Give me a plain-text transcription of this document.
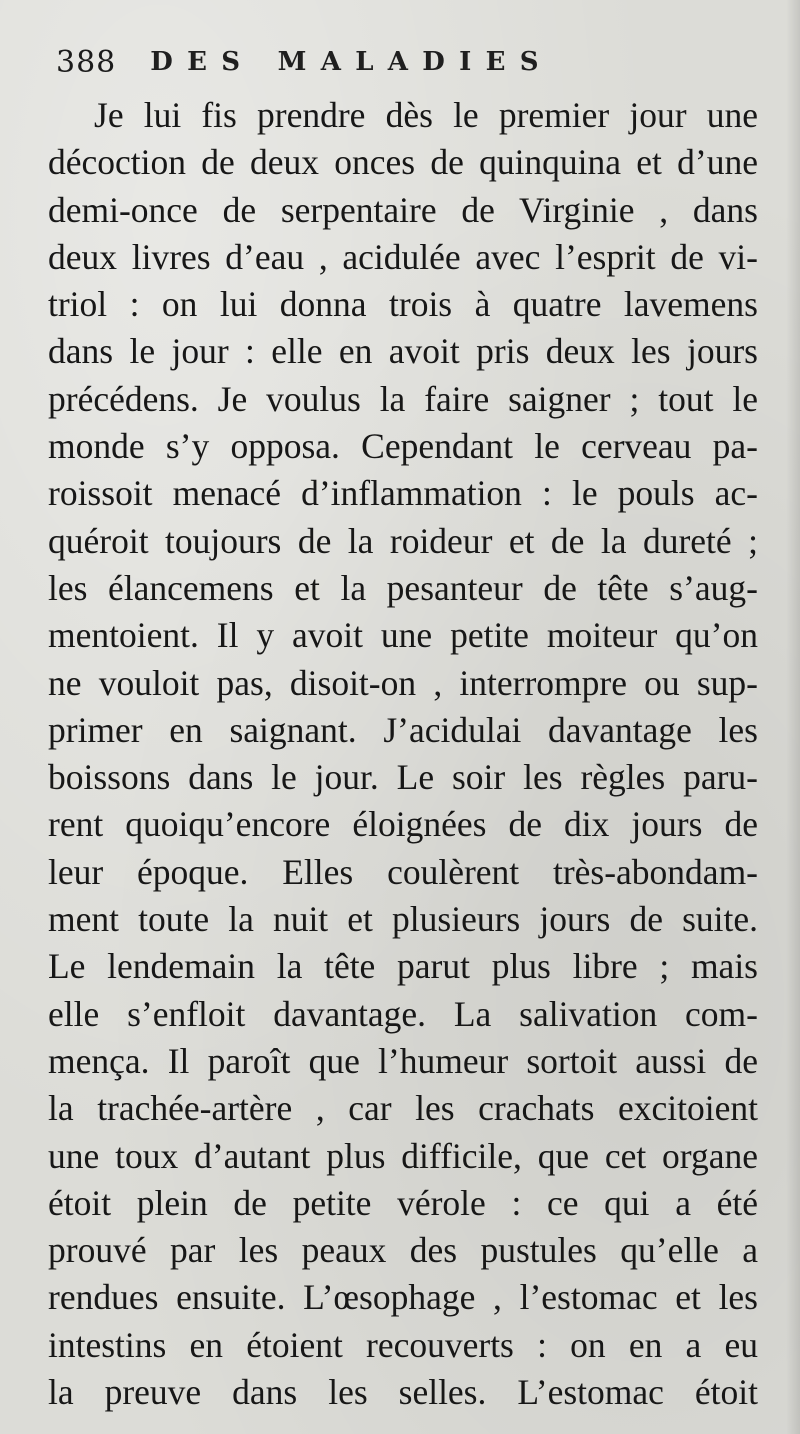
388 DES MALADIES
Je lui fis prendre dès le premier jour une
décoction de deux onces de quinquina et d’une
demi-once de serpentaire de Virginie , dans
deux livres d’eau , acidulée avec l’esprit de vi-
triol : on lui donna trois à quatre lavemens
dans le jour : elle en avoit pris deux les jours
précédens. Je voulus la faire saigner ; tout le
monde s’y opposa. Cependant le cerveau pa-
roissoit menacé d’inflammation : le pouls ac-
quéroit toujours de la roideur et de la dureté ;
les élancemens et la pesanteur de tête s’aug-
mentoient. Il y avoit une petite moiteur qu’on
ne vouloit pas, disoit-on , interrompre ou sup-
primer en saignant. J’acidulai davantage les
boissons dans le jour. Le soir les règles paru-
rent quoiqu’encore éloignées de dix jours de
leur époque. Elles coulèrent très-abondam-
ment toute la nuit et plusieurs jours de suite.
Le lendemain la tête parut plus libre ; mais
elle s’enfloit davantage. La salivation com-
mença. Il paroît que l’humeur sortoit aussi de
la trachée-artère , car les crachats excitoient
une toux d’autant plus difficile, que cet organe
étoit plein de petite vérole : ce qui a été
prouvé par les peaux des pustules qu’elle a
rendues ensuite. L’œsophage , l’estomac et les
intestins en étoient recouverts : on en a eu
la preuve dans les selles. L’estomac étoit
